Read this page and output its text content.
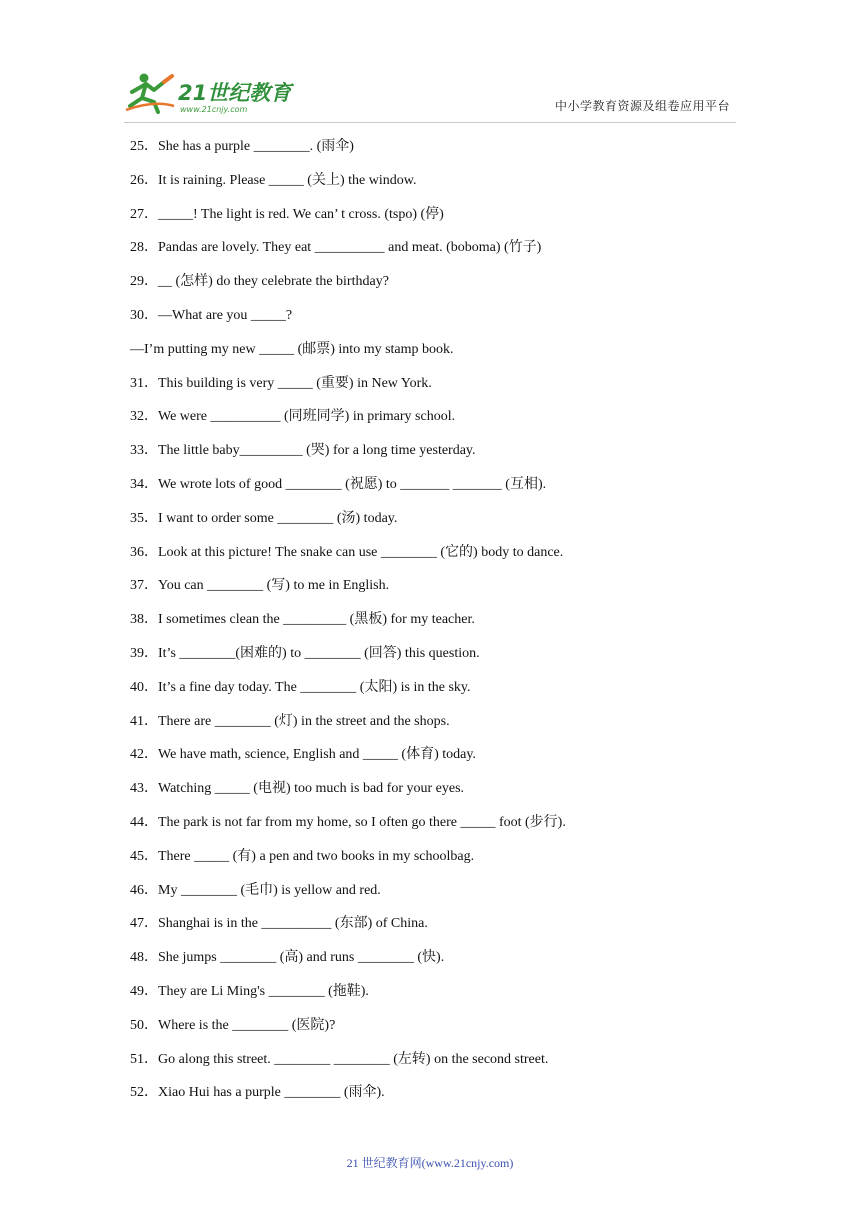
21世纪教育
www.21cnjy.com	中小学教育资源及组卷应用平台
25．She has a purple ________. (雨伞)
26．It is raining. Please _____ (关上) the window.
27．_____! The light is red. We can’ t cross. (tspo) (停)
28．Pandas are lovely. They eat __________ and meat. (boboma) (竹子)
29．__ (怎样) do they celebrate the birthday?
30．—What are you _____?
—I’m putting my new _____ (邮票) into my stamp book.
31．This building is very _____ (重要) in New York.
32．We were __________ (同班同学) in primary school.
33．The little baby_________ (哭) for a long time yesterday.
34．We wrote lots of good ________ (祝愿) to _______ _______ (互相).
35．I want to order some ________ (汤) today.
36．Look at this picture! The snake can use ________ (它的) body to dance.
37．You can ________ (写) to me in English.
38．I sometimes clean the _________ (黑板) for my teacher.
39．It’s ________(困难的) to ________ (回答) this question.
40．It’s a fine day today. The ________ (太阳) is in the sky.
41．There are ________ (灯) in the street and the shops.
42．We have math, science, English and _____ (体育) today.
43．Watching _____ (电视) too much is bad for your eyes.
44．The park is not far from my home, so I often go there _____ foot (步行).
45．There _____ (有) a pen and two books in my schoolbag.
46．My ________ (毛巾) is yellow and red.
47．Shanghai is in the __________ (东部) of China.
48．She jumps ________ (高) and runs ________ (快).
49．They are Li Ming's ________ (拖鞋).
50．Where is the ________ (医院)?
51．Go along this street. ________ ________ (左转) on the second street.
52．Xiao Hui has a purple ________ (雨伞).
21 世纪教育网(www.21cnjy.com)
